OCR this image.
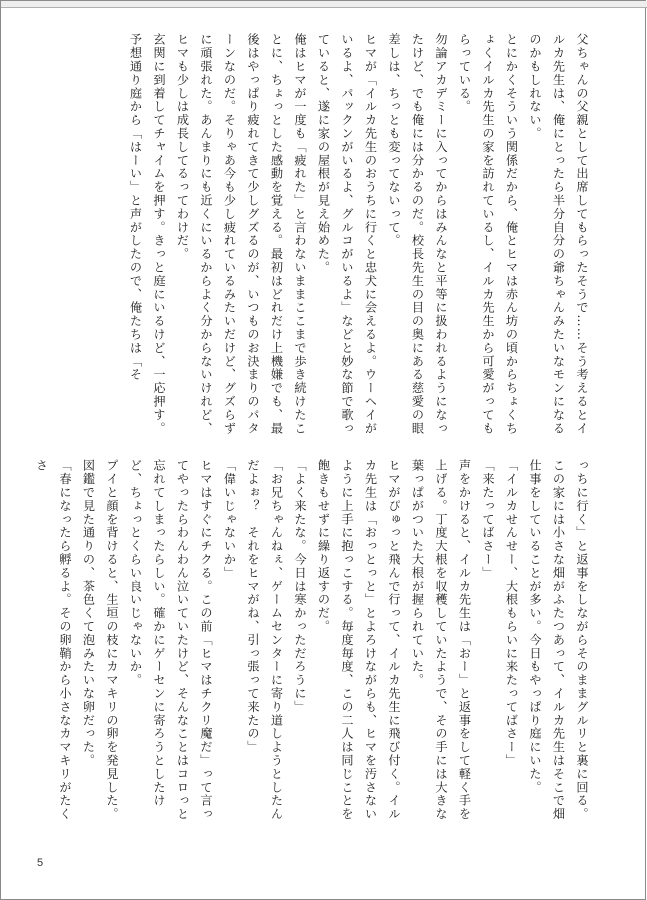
父ちゃんの父親として出席してもらったそうで……そう考えるとイルカ先生は、俺にとったら半分自分の爺ちゃんみたいなモンになるのかもしれない。

とにかくそういう関係だから、俺とヒマは赤ん坊の頃からちょくちょくイルカ先生の家を訪れているし、イルカ先生から可愛がってもらっている。

勿論アカデミーに入ってからはみんなと平等に扱われるようになったけど、でも俺には分かるのだ。校長先生の目の奥にある慈愛の眼差しは、ちっとも変ってないって。

ヒマが「イルカ先生のおうちに行くと忠犬に会えるよ。ウーヘイがいるよ、パックンがいるよ、グルコがいるよ」などと妙な節で歌っていると、遂に家の屋根が見え始めた。

俺はヒマが一度も「疲れた」と言わないままここまで歩き続けたことに、ちょっとした感動を覚える。最初はどれだけ上機嫌でも、最後はやっぱり疲れてきて少しグズるのが、いつものお決まりのパターンなのだ。そりゃあ今も少し疲れているみたいだけど、グズらずに頑張れた。あんまりにも近くにいるからよく分からないけれど、ヒマも少しは成長してるってわけだ。

玄関に到着してチャイムを押す。きっと庭にいるけど、一応押す。予想通り庭から「はーい」と声がしたので、俺たちは「そ

っちに行く」と返事をしながらそのままグルリと裏に回る。

この家には小さな畑がふたつあって、イルカ先生はそこで畑仕事をしていることが多い。今日もやっぱり庭にいた。

「イルカせんせー、大根もらいに来たってばさー」

「来たってばさー」

声をかけると、イルカ先生は「おー」と返事をして軽く手を上げる。丁度大根を収穫していたようで、その手には大きな葉っぱがついた大根が握られていた。

ヒマがぴゅっと飛んで行って、イルカ先生に飛び付く。イルカ先生は「おっとっと」とよろけながらも、ヒマを汚さないように上手に抱っこする。毎度毎度、この二人は同じことを飽きもせずに繰り返すのだ。

「よく来たな。今日は寒かっただろうに」

「お兄ちゃんねぇ、ゲームセンターに寄り道しようとしたんだよぉ？　それをヒマがね、引っ張って来たの」

「偉いじゃないか」

ヒマはすぐにチクる。この前「ヒマはチクリ魔だ」って言ってやったらわんわん泣いていたけど、そんなことはコロっと忘れてしまったらしい。確かにゲーセンに寄ろうとしたけど、ちょっとくらい良いじゃないか。

プイと顔を背けると、生垣の枝にカマキリの卵を発見した。図鑑で見た通りの、茶色くて泡みたいな卵だった。

「春になったら孵るよ。その卵鞘から小さなカマキリがたくさ

5
